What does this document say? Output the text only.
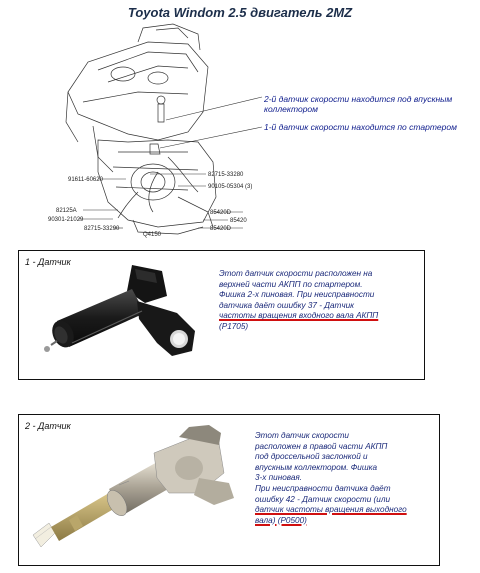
Toyota Windom 2.5 двигатель 2MZ
2-й датчик скорости находится под впускным
коллектором
1-й датчик скорости находится по стартером
82715-33280
91611-60620
90105-05304 (3)
82125A
90301-21029
82715-33290
85420D
85420
85420D
Q4150
1 - Датчик
Этот датчик скорости расположен на
верхней части АКПП по стартером.
Фишка 2-х пиновая. При неисправности
датчика даёт ошибку 37 - Датчик
частоты вращения входного вала АКПП
(P1705)
2 - Датчик
Этот датчик скорости
расположен в правой части АКПП
под дроссельной заслонкой и
впускным коллектором. Фишка
3-х пиновая.
При неисправности датчика даёт
ошибку 42 - Датчик скорости (или
датчик частоты вращения выходного
вала) (P0500)
